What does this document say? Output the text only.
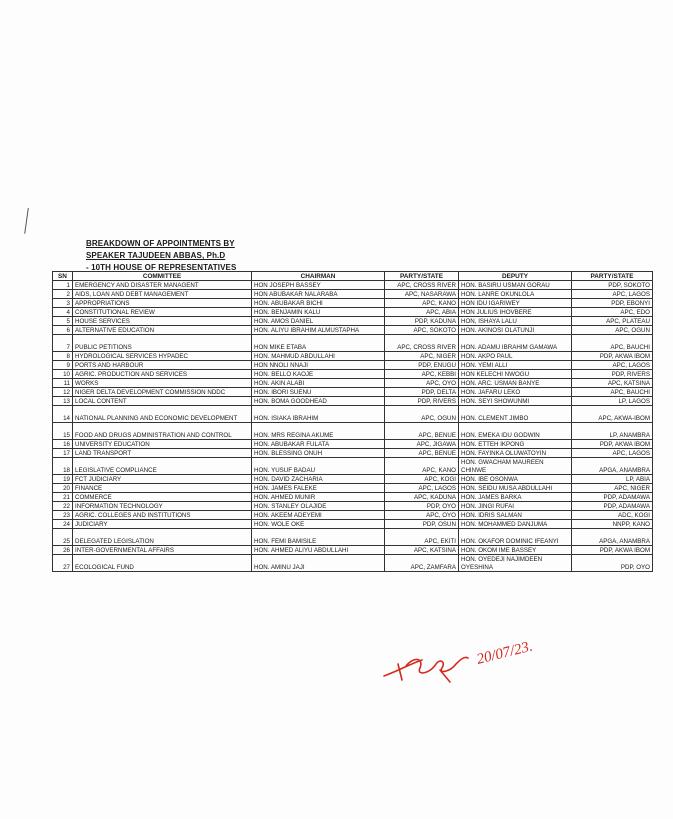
BREAKDOWN OF APPOINTMENTS BY
SPEAKER TAJUDEEN ABBAS, Ph.D
- 10TH HOUSE OF REPRESENTATIVES
SN	COMMITTEE	CHAIRMAN	PARTY/STATE	DEPUTY	PARTY/STATE
1	EMERGENCY AND DISASTER MANAGENT	HON JOSEPH BASSEY	APC, CROSS RIVER	HON. BASIRU USMAN GORAU	PDP, SOKOTO
2	AIDS, LOAN AND DEBT MANAGEMENT	HON ABUBAKAR NALARABA	APC, NASARAWA	HON. LANRE OKUNLOLA	APC, LAGOS
3	APPROPRIATIONS	HON. ABUBAKAR BICHI	APC, KANO	HON IDU IGARIWEY	PDP, EBONYI
4	CONSTITUTIONAL REVIEW	HON. BENJAMIN KALU	APC, ABIA	HON JULIUS IHOVBERE	APC, EDO
5	HOUSE SERVICES	HON. AMOS DANIEL	PDP, KADUNA	HON, ISHAYA LALU	APC, PLATEAU
6	ALTERNATIVE EDUCATION	HON. ALIYU IBRAHIM ALMUSTAPHA	APC, SOKOTO	HON. AKINOSI OLATUNJI	APC, OGUN
7	PUBLIC PETITIONS	HON MIKE ETABA	APC, CROSS RIVER	HON. ADAMU IBRAHIM GAMAWA	APC, BAUCHI
8	HYDROLOGICAL SERVICES HYPADEC	HON. MAHMUD ABDULLAHI	APC, NIGER	HON. AKPO PAUL	PDP, AKWA IBOM
9	PORTS AND HARBOUR	HON NNOLI NNAJI	PDP, ENUGU	HON. YEMI ALLI	APC, LAGOS
10	AGRIC. PRODUCTION AND SERVICES	HON. BELLO KAOJE	APC, KEBBI	HON KELECHI NWOGU	PDP, RIVERS
11	WORKS	HON. AKIN ALABI	APC, OYO	HON. ARC. USMAN BANYE	APC, KATSINA
12	NIGER DELTA DEVELOPMENT COMMISSION NDDC	HON. IBORI SUENU	PDP, DELTA	HON. JAFARU LEKO	APC, BAUCHI
13	LOCAL CONTENT	HON. BOMA GOODHEAD	PDP, RIVERS	HON. SEYI SHOWUNMI	LP, LAGOS
14	NATIONAL PLANNING AND ECONOMIC DEVELOPMENT	HON. ISIAKA IBRAHIM	APC, OGUN	HON. CLEMENT JIMBO	APC, AKWA-IBOM
15	FOOD AND DRUGS ADMINISTRATION AND CONTROL	HON. MRS REGINA AKUME	APC, BENUE	HON. EMEKA IDU GODWIN	LP, ANAMBRA
16	UNIVERSITY EDUCATION	HON. ABUBAKAR FULATA	APC, JIGAWA	HON. ETTEH IKPONG	PDP, AKWA IBOM
17	LAND TRANSPORT	HON. BLESSING ONUH	APC, BENUE	HON. FAYINKA OLUWATOYIN	APC, LAGOS
18	LEGISLATIVE COMPLIANCE	HON. YUSUF BADAU	APC, KANO	HON. GWACHAM MAUREEN CHINWE	APGA, ANAMBRA
19	FCT JUDICIARY	HON. DAVID ZACHARIA	APC, KOGI	HON. IBE OSONWA	LP, ABIA
20	FINANCE	HON. JAMES FALEKE	APC, LAGOS	HON. SEIDU MUSA ABDULLAHI	APC, NIGER
21	COMMERCE	HON. AHMED MUNIR	APC, KADUNA	HON. JAMES BARKA	PDP, ADAMAWA
22	INFORMATION TECHNOLOGY	HON. STANLEY OLAJIDE	PDP, OYO	HON. JINGI RUFAI	PDP, ADAMAWA
23	AGRIC. COLLEGES AND INSTITUTIONS	HON. AKEEM ADEYEMI	APC, OYO	HON. IDRIS SALMAN	ADC, KOGI
24	JUDICIARY	HON. WOLE OKE	PDP, OSUN	HON. MOHAMMED DANJUMA	NNPP, KANO
25	DELEGATED LEGISLATION	HON. FEMI BAMISILE	APC, EKITI	HON. OKAFOR DOMINIC IFEANYI	APGA, ANAMBRA
26	INTER-GOVERNMENTAL AFFAIRS	HON. AHMED ALIYU ABDULLAHI	APC, KATSINA	HON. OKOM IME BASSEY	PDP, AKWA IBOM
27	ECOLOGICAL FUND	HON. AMINU JAJI	APC, ZAMFARA	HON. OYEDEJI NAJIMDEEN OYESHINA	PDP, OYO
20/07/23.
